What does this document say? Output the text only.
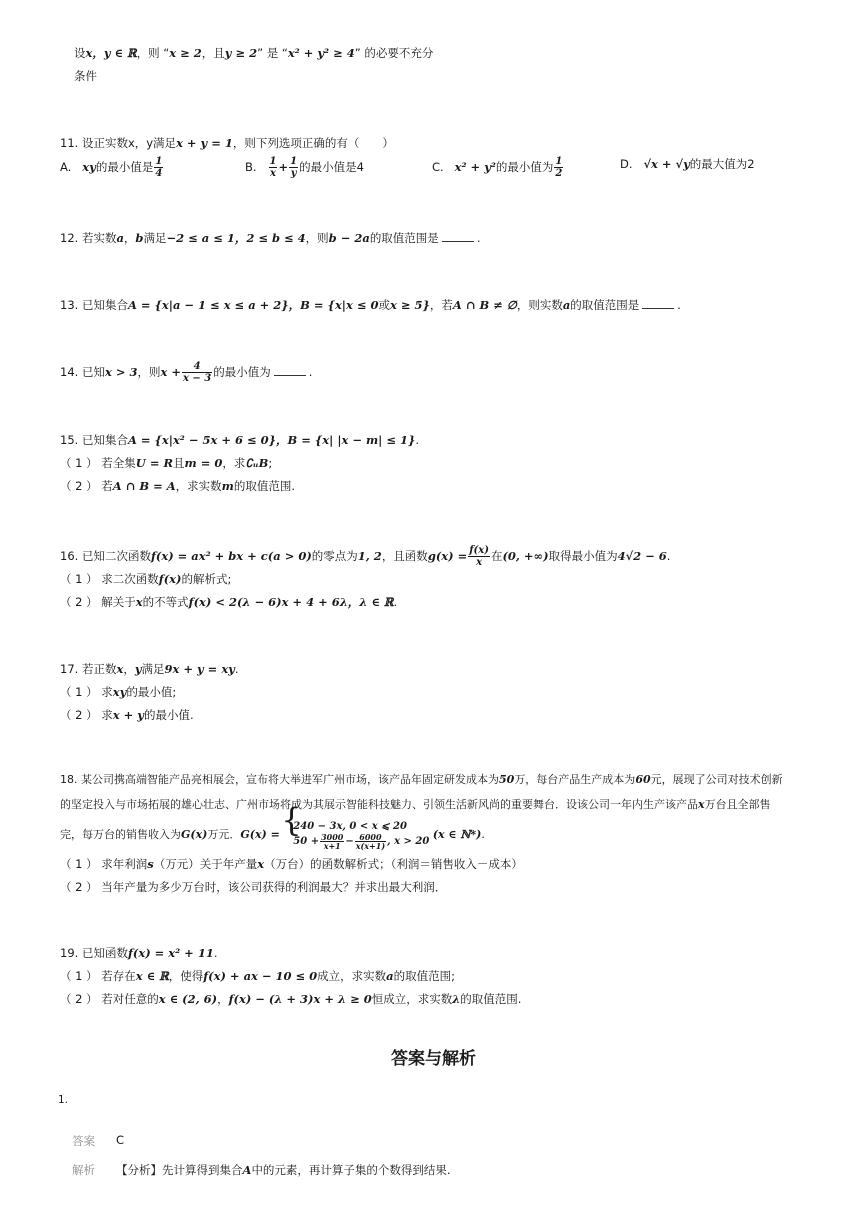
设x，y ∈ ℝ，则 “x ≥ 2，且y ≥ 2” 是 “x² + y² ≥ 4” 的必要不充分
条件
11. 设正实数x，y满足x + y = 1，则下列选项正确的有（　　）
A. xy的最小值是 $\frac{1}{4}$	B. $\frac{1}{x} + \frac{1}{y}$ 的最小值是4	C. x² + y²的最小值为 $\frac{1}{2}$	D. √x + √y的最大值为2
12. 若实数a，b满足−2 ≤ a ≤ 1，2 ≤ b ≤ 4，则b − 2a的取值范围是	.
13. 已知集合A = {x|a − 1 ≤ x ≤ a + 2}，B = {x|x ≤ 0或x ≥ 5}，若A ∩ B ≠ ∅，则实数a的取值范围是	.
14. 已知x > 3，则$x + \frac{4}{x - 3}$ 的最小值为	.
15. 已知集合A = {x|x² − 5x + 6 ≤ 0}，B = {x| |x − m| ≤ 1}.
（ 1 ） 若全集U = R且m = 0，求∁ᵤB;
（ 2 ） 若A ∩ B = A，求实数m的取值范围.
16. 已知二次函数f(x) = ax² + bx + c(a > 0)的零点为1, 2，且函数$g(x) = \frac{f(x)}{x}$ 在(0, +∞)取得最小值为4√2 − 6.
（ 1 ） 求二次函数f(x)的解析式;
（ 2 ） 解关于x的不等式f(x) < 2(λ − 6)x + 4 + 6λ，λ ∈ ℝ.
17. 若正数x，y满足9x + y = xy.
（ 1 ） 求xy的最小值;
（ 2 ） 求x + y的最小值.
18. 某公司携高端智能产品亮相展会，宣布将大举进军广州市场，该产品年固定研发成本为50万，每台产品生产成本为60元，展现了公司对技术创新
的坚定投入与市场拓展的雄心壮志、广州市场将成为其展示智能科技魅力、引领生活新风尚的重要舞台．设该公司一年内生产该产品x万台且全部售
完，每万台的销售收入为G(x)万元．G(x) =
{ 240 − 3x, 0 < x ⩽ 20
$50 + \frac{3000}{x+1} - \frac{6000}{x(x+1)}$ , x > 20
(x ∈ ℕ*).
（ 1 ） 求年利润s（万元）关于年产量x（万台）的函数解析式；（利润＝销售收入－成本）
（ 2 ） 当年产量为多少万台时，该公司获得的利润最大？并求出最大利润．
19. 已知函数f(x) = x² + 11.
（ 1 ） 若存在x ∈ ℝ，使得f(x) + ax − 10 ≤ 0成立，求实数a的取值范围;
（ 2 ） 若对任意的x ∈ (2, 6)，f(x) − (λ + 3)x + λ ≥ 0恒成立，求实数λ的取值范围.
答案与解析
1.
答案 C
解析 【分析】先计算得到集合A中的元素，再计算子集的个数得到结果.
